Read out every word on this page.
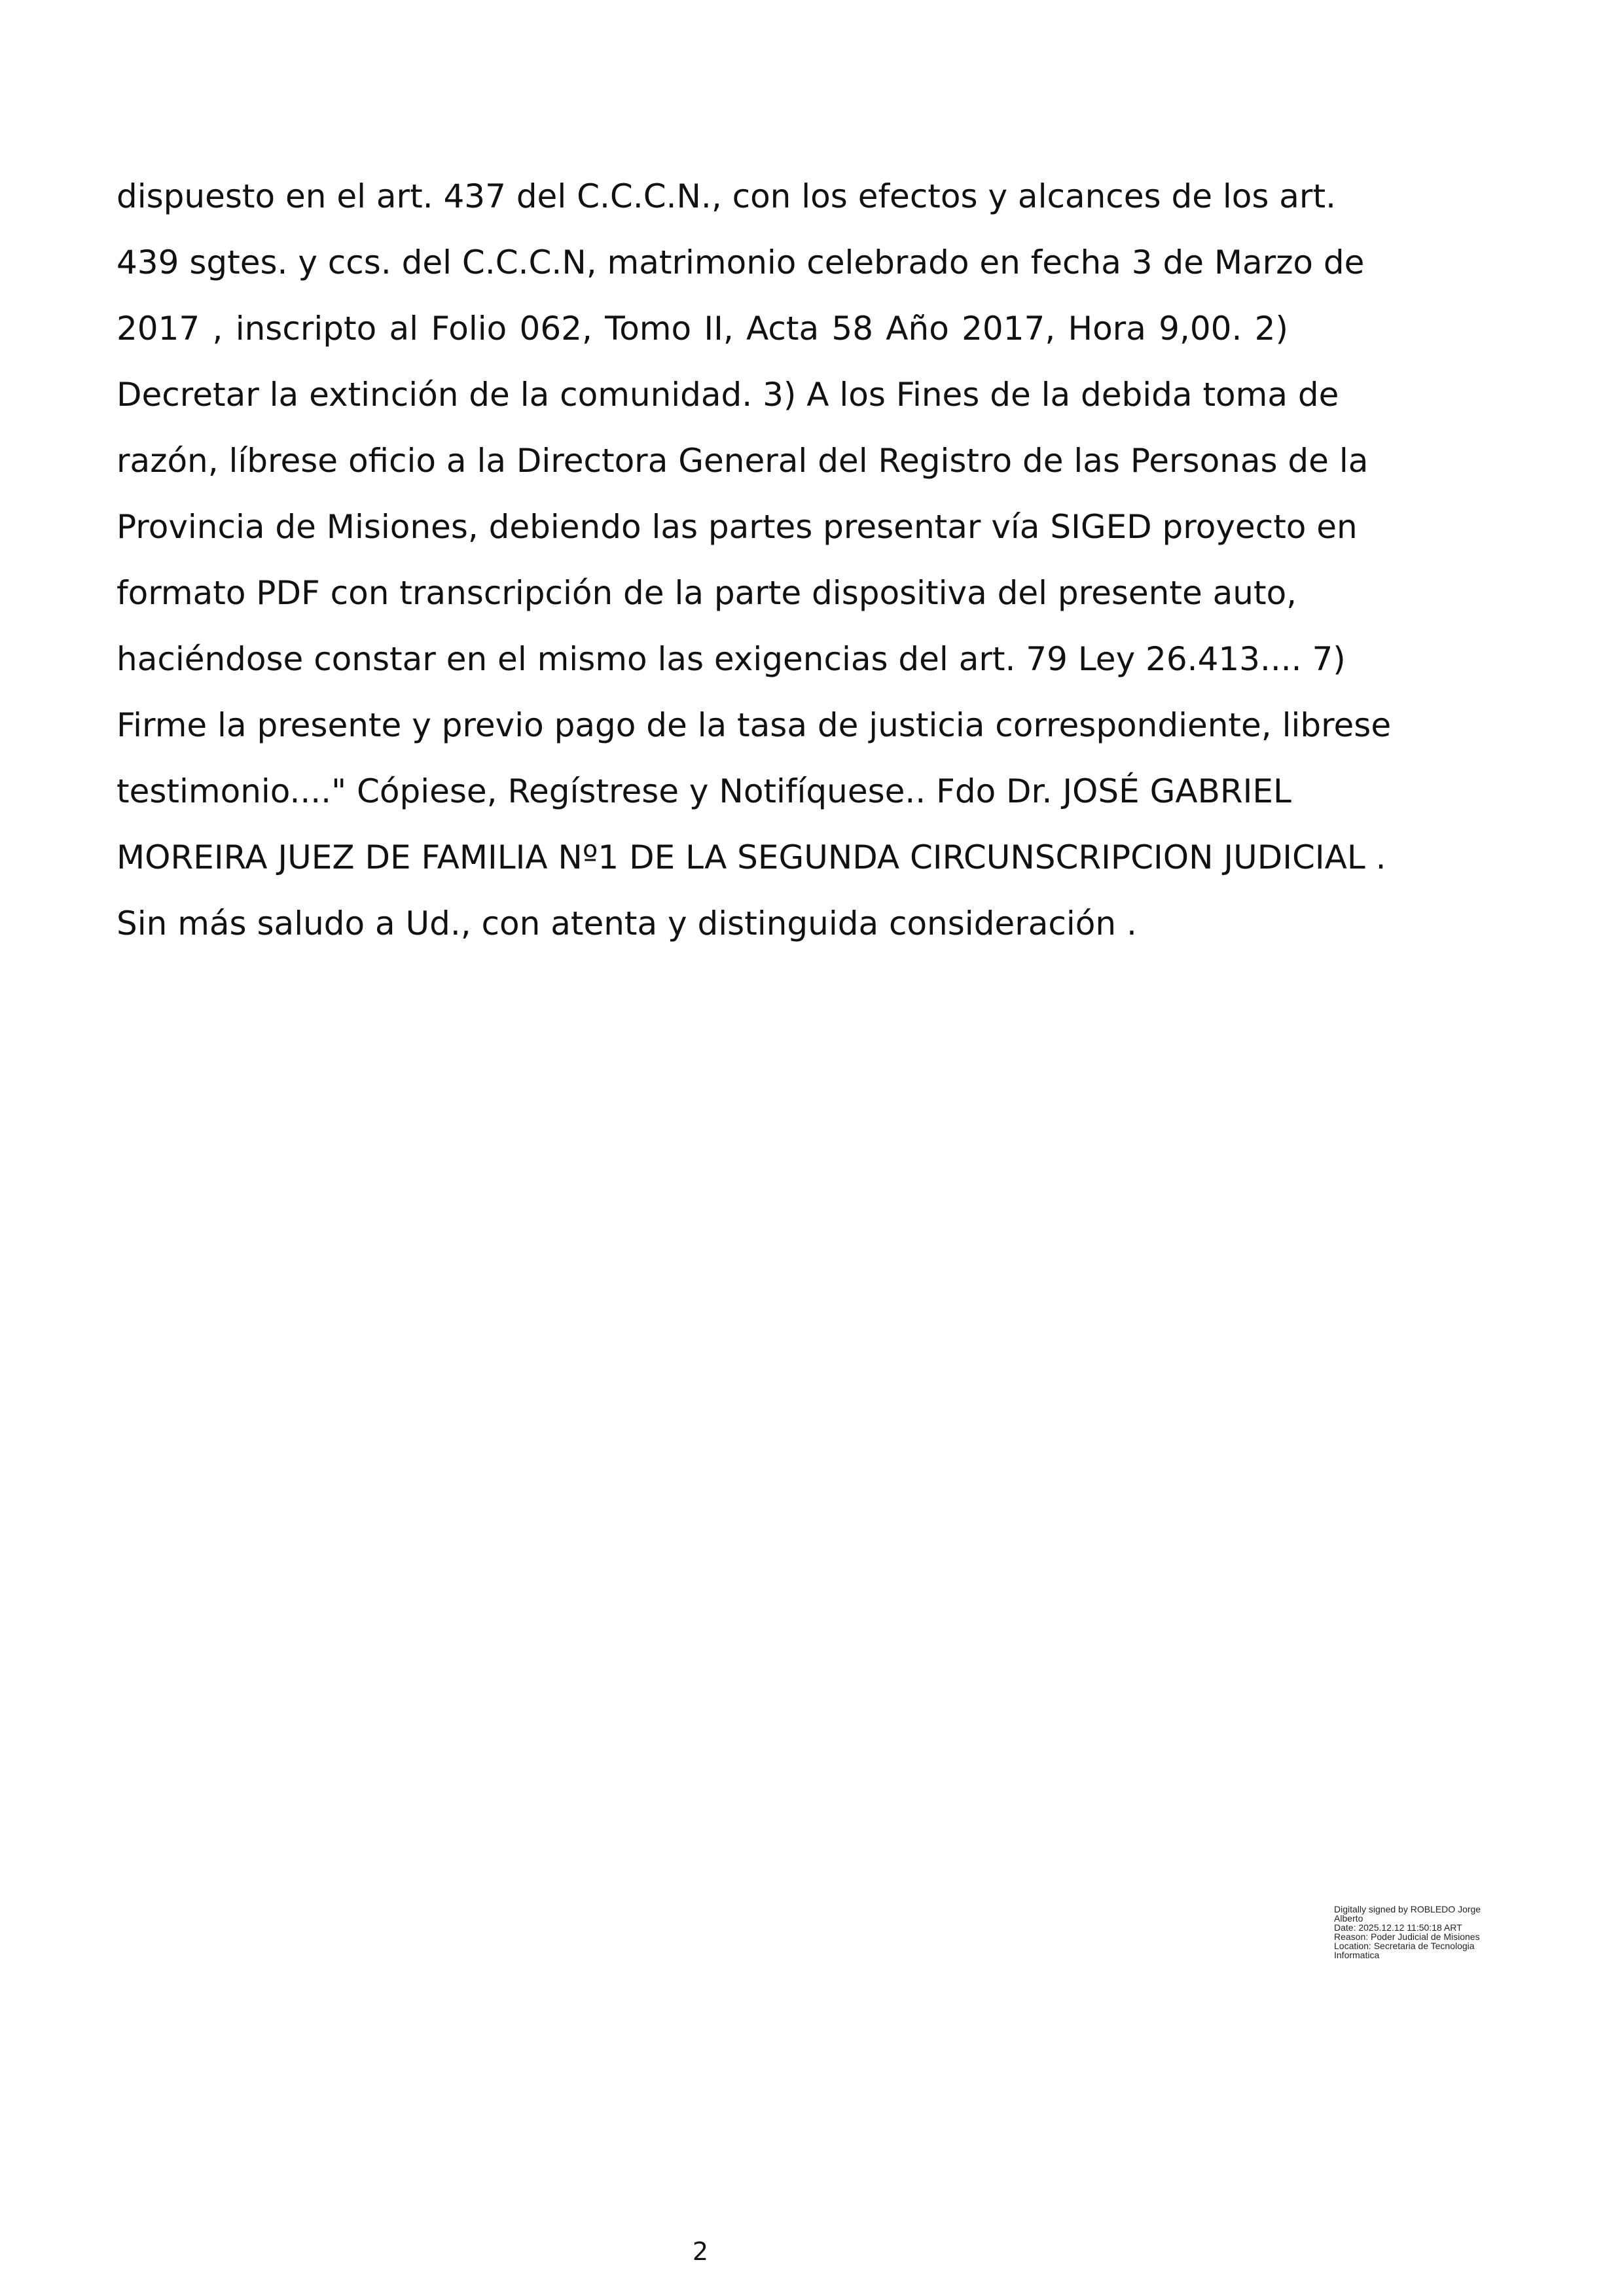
dispuesto en el art. 437 del C.C.C.N., con los efectos y alcances de los art.
439 sgtes. y ccs. del C.C.C.N, matrimonio celebrado en fecha 3 de Marzo de
2017 , inscripto al Folio 062, Tomo II, Acta 58 Año 2017, Hora 9,00. 2)
Decretar la extinción de la comunidad. 3) A los Fines de la debida toma de
razón, líbrese oficio a la Directora General del Registro de las Personas de la
Provincia de Misiones, debiendo las partes presentar vía SIGED proyecto en
formato PDF con transcripción de la parte dispositiva del presente auto,
haciéndose constar en el mismo las exigencias del art. 79 Ley 26.413.... 7)
Firme la presente y previo pago de la tasa de justicia correspondiente, librese
testimonio...." Cópiese, Regístrese y Notifíquese.. Fdo Dr. JOSÉ GABRIEL
MOREIRA JUEZ DE FAMILIA Nº1 DE LA SEGUNDA CIRCUNSCRIPCION JUDICIAL .
Sin más saludo a Ud., con atenta y distinguida consideración .
Digitally signed by ROBLEDO Jorge
Alberto
Date: 2025.12.12 11:50:18 ART
Reason: Poder Judicial de Misiones
Location: Secretaria de Tecnologia
Informatica
2
